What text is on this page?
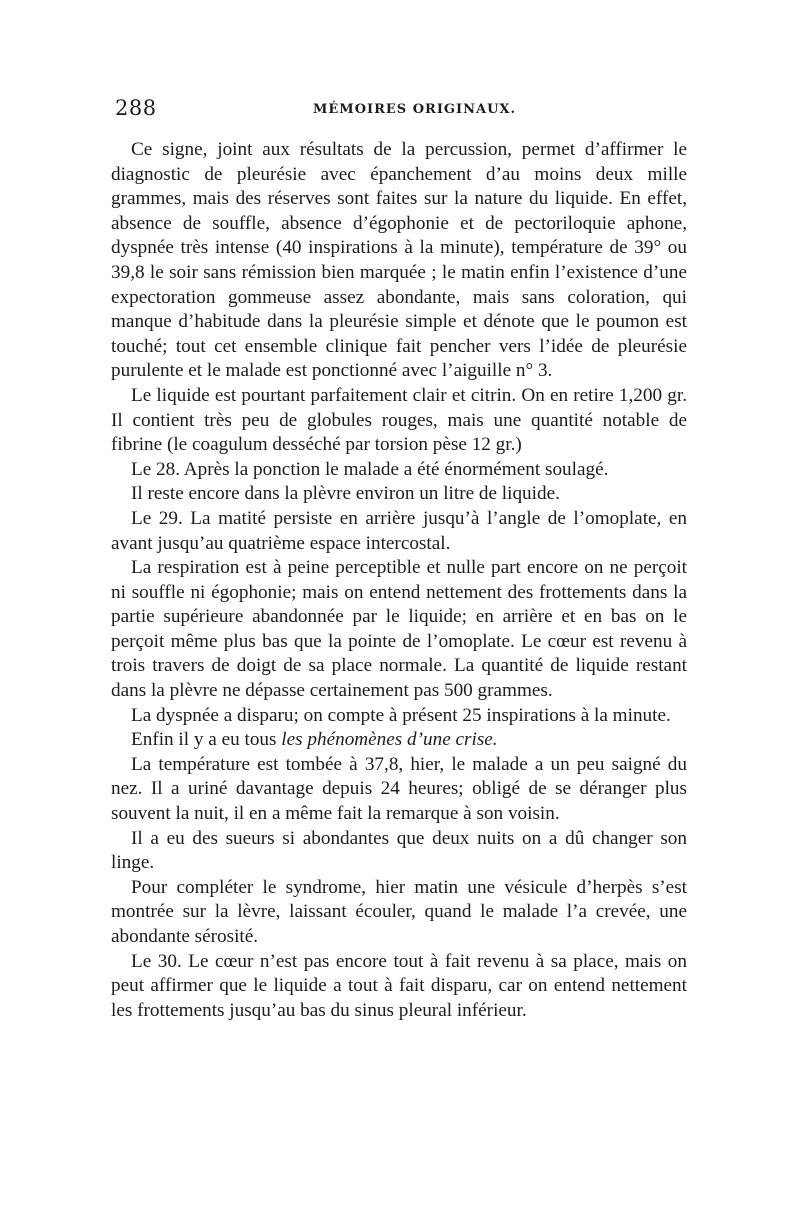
288	MÉMOIRES ORIGINAUX.

Ce signe, joint aux résultats de la percussion, permet d’affirmer le diagnostic de pleurésie avec épanchement d’au moins deux mille grammes, mais des réserves sont faites sur la nature du liquide. En effet, absence de souffle, absence d’égophonie et de pectoriloquie aphone, dyspnée très intense (40 inspirations à la minute), température de 39° ou 39,8 le soir sans rémission bien marquée ; le matin enfin l’existence d’une expectoration gommeuse assez abondante, mais sans coloration, qui manque d’habitude dans la pleurésie simple et dénote que le poumon est touché; tout cet ensemble clinique fait pencher vers l’idée de pleurésie purulente et le malade est ponctionné avec l’aiguille n° 3.

Le liquide est pourtant parfaitement clair et citrin. On en retire 1,200 gr. Il contient très peu de globules rouges, mais une quantité notable de fibrine (le coagulum desséché par torsion pèse 12 gr.)

Le 28. Après la ponction le malade a été énormément soulagé.

Il reste encore dans la plèvre environ un litre de liquide.

Le 29. La matité persiste en arrière jusqu’à l’angle de l’omoplate, en avant jusqu’au quatrième espace intercostal.

La respiration est à peine perceptible et nulle part encore on ne perçoit ni souffle ni égophonie; mais on entend nettement des frottements dans la partie supérieure abandonnée par le liquide; en arrière et en bas on le perçoit même plus bas que la pointe de l’omoplate. Le cœur est revenu à trois travers de doigt de sa place normale. La quantité de liquide restant dans la plèvre ne dépasse certainement pas 500 grammes.

La dyspnée a disparu; on compte à présent 25 inspirations à la minute.

Enfin il y a eu tous les phénomènes d’une crise.

La température est tombée à 37,8, hier, le malade a un peu saigné du nez. Il a uriné davantage depuis 24 heures; obligé de se déranger plus souvent la nuit, il en a même fait la remarque à son voisin.

Il a eu des sueurs si abondantes que deux nuits on a dû changer son linge.

Pour compléter le syndrome, hier matin une vésicule d’herpès s’est montrée sur la lèvre, laissant écouler, quand le malade l’a crevée, une abondante sérosité.

Le 30. Le cœur n’est pas encore tout à fait revenu à sa place, mais on peut affirmer que le liquide a tout à fait disparu, car on entend nettement les frottements jusqu’au bas du sinus pleural inférieur.
